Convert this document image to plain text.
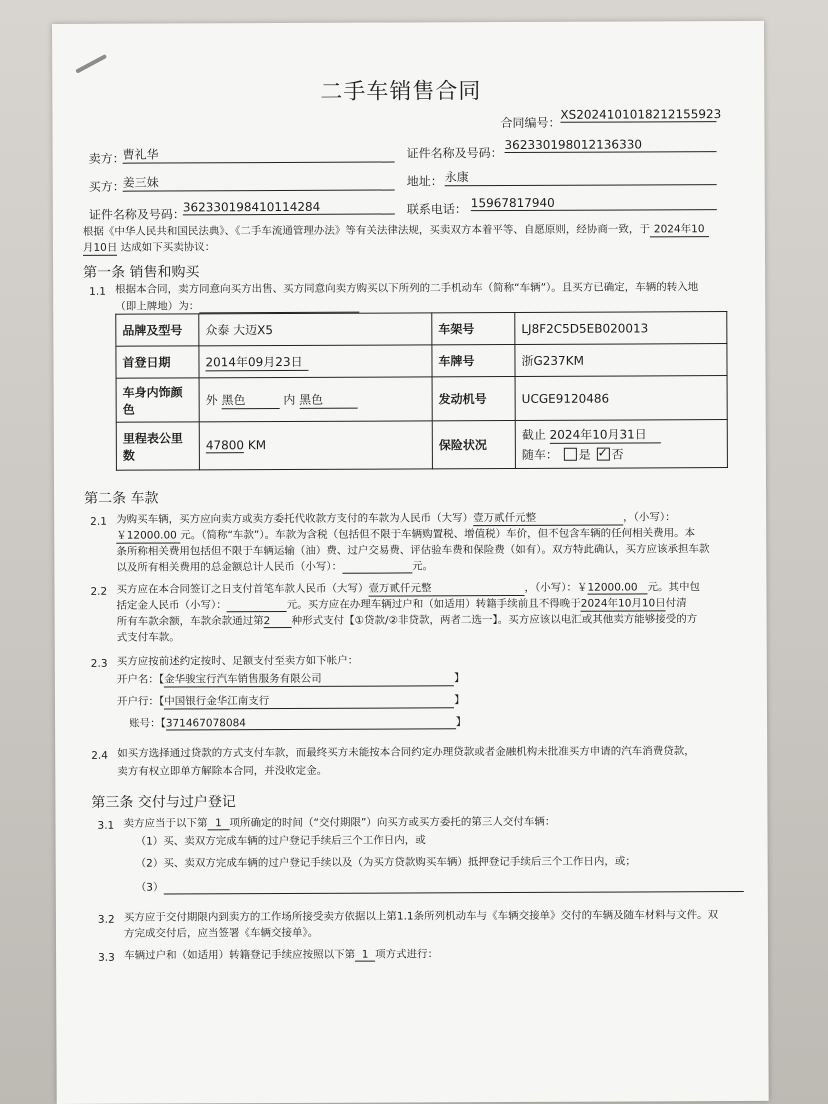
二手车销售合同
合同编号：
XS20241010182121559​23
卖方：
曹礼华	证件名称及号码：
362330198012136330
买方：
姜三妹	地址： 永康
证件名称及号码：
362330198410114284	联系电话： 15967817940
根据《中华人民共和国民法典》、《二手车流通管理办法》等有关法律法规，买卖双方本着平等、自愿原则，经协商一致，于 2024年10
月10日 达成如下买卖协议：
第一条 销售和购买
1.1 根据本合同，卖方同意向买方出售、买方同意向卖方购买以下所列的二手机动车（简称“车辆”）。且买方已确定，车辆的转入地
（即上牌地）为：
品牌及型号	众泰 大迈X5	车架号	LJ8F2C5D5EB020013
首登日期	2014年09月23日	车牌号	浙G237KM
车身内饰颜色	外 黑色 内 黑色	发动机号	UCGE9120486
里程表公里数	47800 KM	保险状况	截止 2024年10月31日
随车： 是 ✓ 否
第二条 车款
2.1 为购买车辆，买方应向卖方或卖方委托代收款方支付的车款为人民币（大写）壹万贰仟元整	，（小写）：
￥12000.00 元。（简称“车款”）。车款为含税（包括但不限于车辆购置税、增值税）车价，但不包含车辆的任何相关费用。本
条所称相关费用包括但不限于车辆运输（油）费、过户交易费、评估验车费和保险费（如有）。双方特此确认，买方应该承担车款
以及所有相关费用的总金额总计人民币（小写）：	元。
2.2 买方应在本合同签订之日支付首笔车款人民币（大写）壹万贰仟元整	，（小写）：￥12000.00 元。其中包
括定金人民币（小写）：	元。买方应在办理车辆过户和（如适用）转籍手续前且不得晚于2024年10月10日付清
所有车款余额，车款余款通过第2 种形式支付【①贷款/②非贷款，两者二选一】。买方应该以电汇或其他卖方能够接受的方
式支付车款。
2.3 买方应按前述约定按时、足额支付至卖方如下帐户：
开户名：【金华骏宝行汽车销售服务有限公司	】
开户行：【中国银行金华江南支行	】
账号：【371467078084	】
2.4 如买方选择通过贷款的方式支付车款，而最终买方未能按本合同约定办理贷款或者金融机构未批准买方申请的汽车消费贷款，
卖方有权立即单方解除本合同，并没收定金。
第三条 交付与过户登记
3.1 卖方应当于以下第 1 项所确定的时间（“交付期限”）向买方或买方委托的第三人交付车辆：
（1）买、卖双方完成车辆的过户登记手续后三个工作日内，或
（2）买、卖双方完成车辆的过户登记手续以及（为买方贷款购买车辆）抵押登记手续后三个工作日内，或；
（3）
3.2 买方应于交付期限内到卖方的工作场所接受卖方依据以上第1.1条所列机动车与《车辆交接单》交付的车辆及随车材料与文件。双
方完成交付后，应当签署《车辆交接单》。
3.3 车辆过户和（如适用）转籍登记手续应按照以下第 1 项方式进行：
